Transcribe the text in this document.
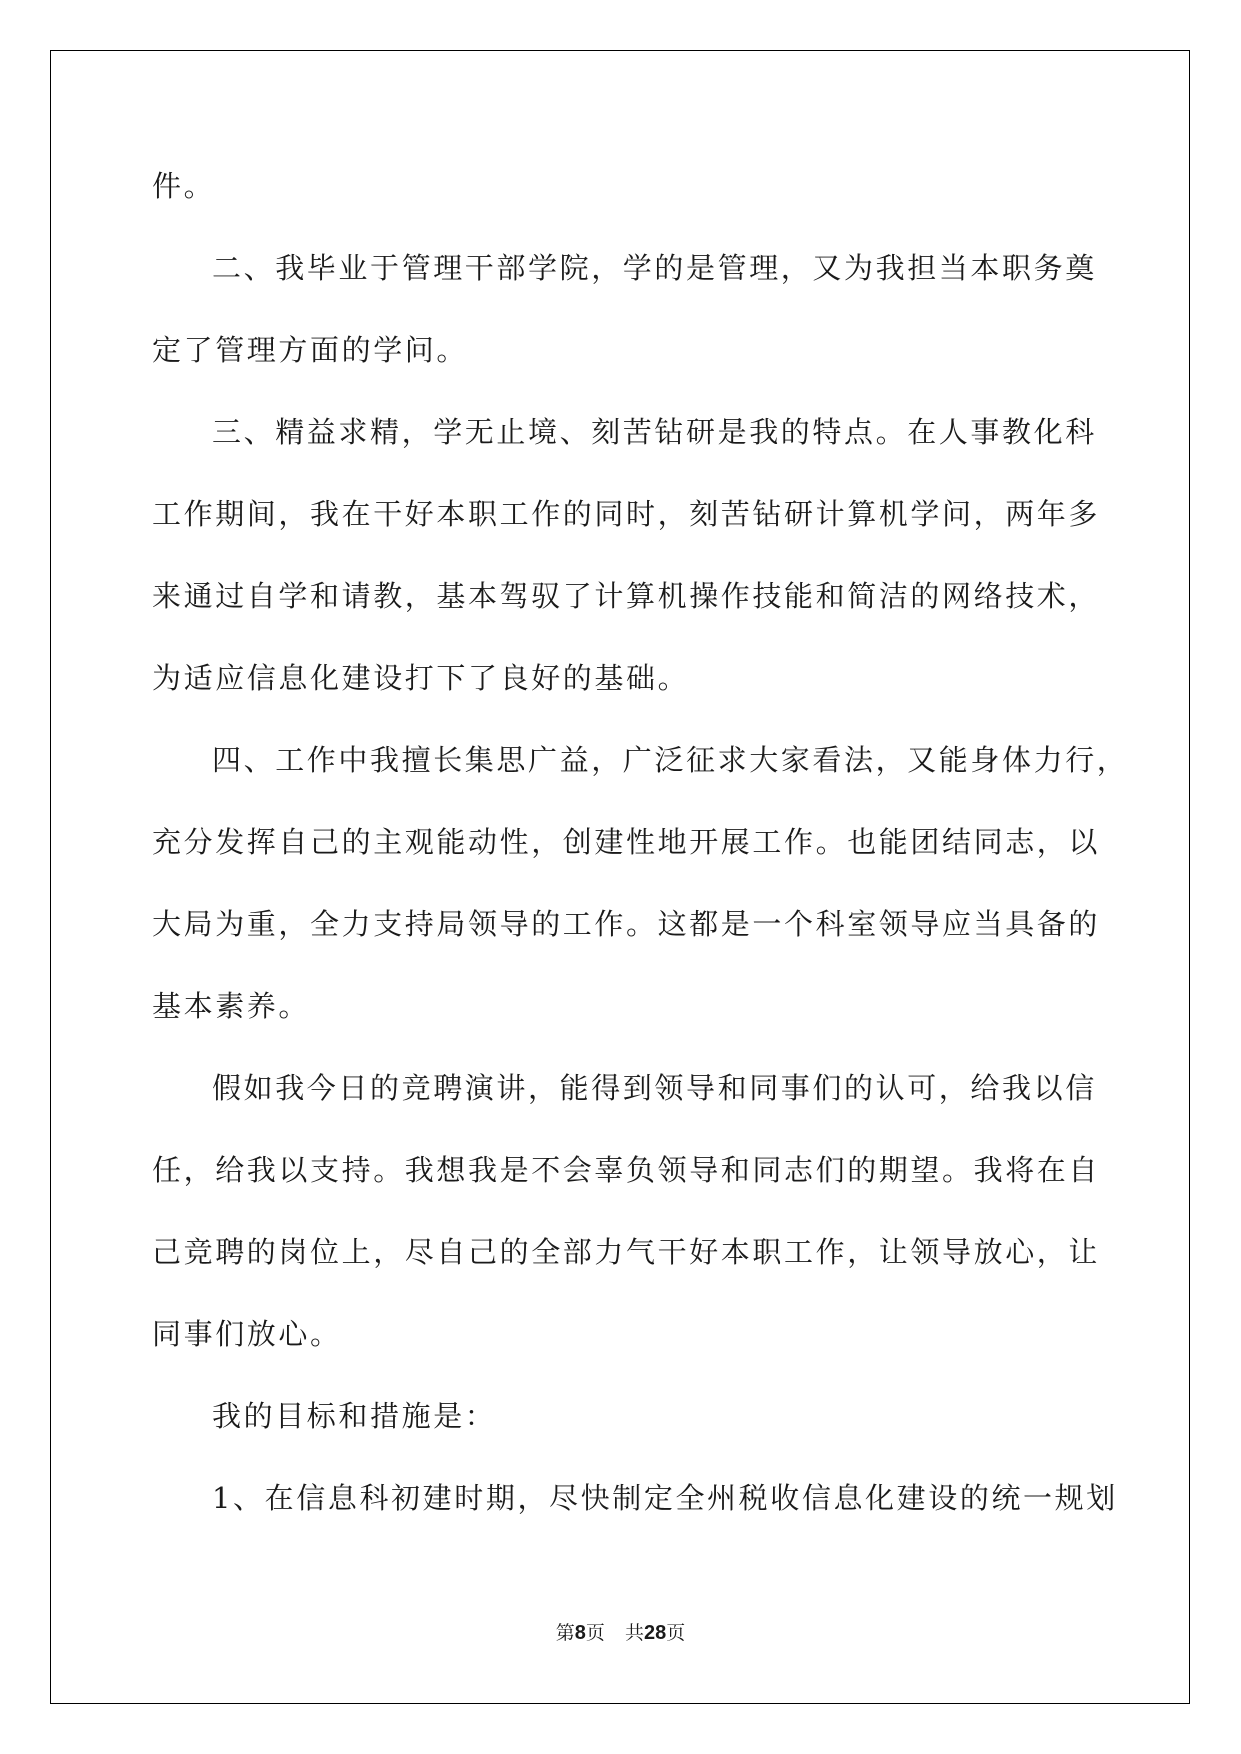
件。
二、我毕业于管理干部学院，学的是管理，又为我担当本职务奠
定了管理方面的学问。
三、精益求精，学无止境、刻苦钻研是我的特点。在人事教化科
工作期间，我在干好本职工作的同时，刻苦钻研计算机学问，两年多
来通过自学和请教，基本驾驭了计算机操作技能和简洁的网络技术，
为适应信息化建设打下了良好的基础。
四、工作中我擅长集思广益，广泛征求大家看法，又能身体力行，
充分发挥自己的主观能动性，创建性地开展工作。也能团结同志，以
大局为重，全力支持局领导的工作。这都是一个科室领导应当具备的
基本素养。
假如我今日的竞聘演讲，能得到领导和同事们的认可，给我以信
任，给我以支持。我想我是不会辜负领导和同志们的期望。我将在自
己竞聘的岗位上，尽自己的全部力气干好本职工作，让领导放心，让
同事们放心。
我的目标和措施是：
1、在信息科初建时期，尽快制定全州税收信息化建设的统一规划
第8页 共28页
